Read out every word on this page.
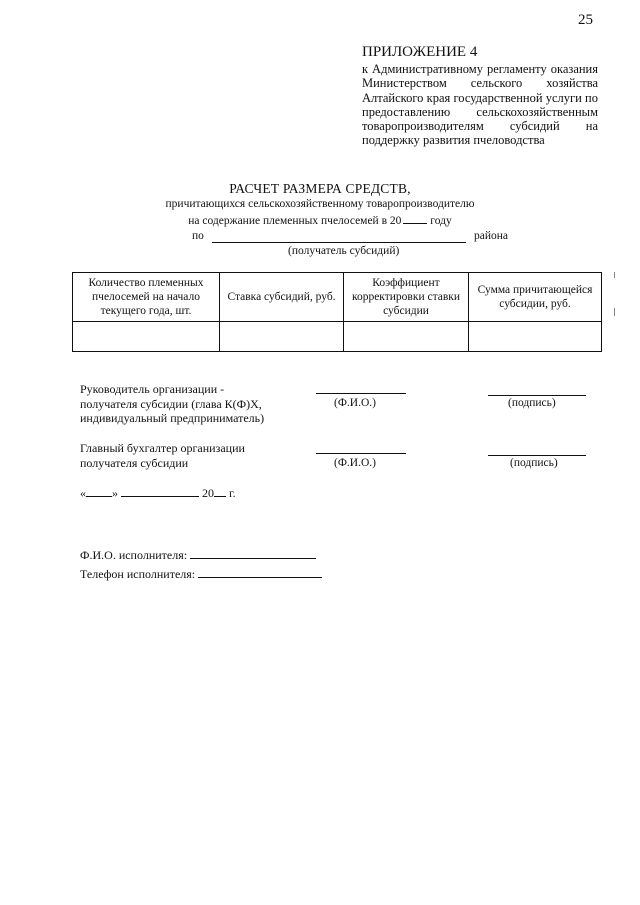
25
ПРИЛОЖЕНИЕ 4
к Административному регламенту оказания Министерством сельского хозяйства Алтайского края государственной услуги по предоставлению сельскохозяйственным товаропроизводителям субсидий на поддержку развития пчеловодства
РАСЧЕТ РАЗМЕРА СРЕДСТВ,
причитающихся сельскохозяйственному товаропроизводителю
на содержание племенных пчелосемей в 20	году
по	района
(получатель субсидий)
Количество племенных пчелосемей на начало текущего года, шт.	Ставка субсидий, руб.	Коэффициент корректировки ставки субсидии	Сумма причитающейся субсидии, руб.

Руководитель организации -
получателя субсидии (глава К(Ф)Х,
индивидуальный предприниматель)
(Ф.И.О.)	(подпись)
Главный бухгалтер организации
получателя субсидии	(Ф.И.О.)	(подпись)
« »	20 г.
Ф.И.О. исполнителя:
Телефон исполнителя:
